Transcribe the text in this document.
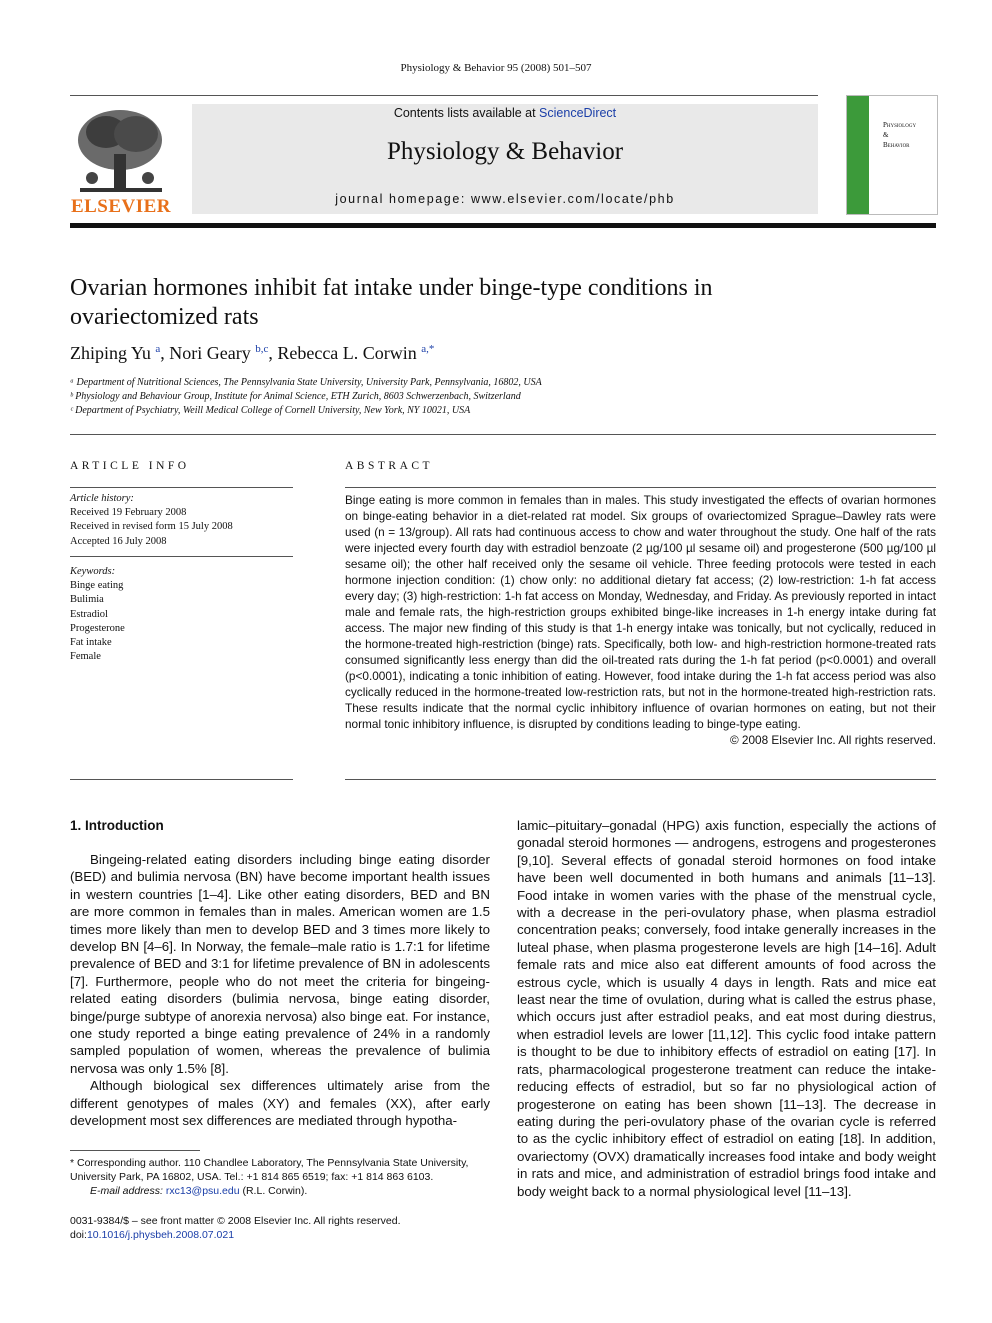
Physiology & Behavior 95 (2008) 501–507
ELSEVIER
Contents lists available at ScienceDirect
Physiology & Behavior
journal homepage: www.elsevier.com/locate/phb
Physiology
&
Behavior
Ovarian hormones inhibit fat intake under binge-type conditions in ovariectomized rats
Zhiping Yu $^a$, Nori Geary $^{b,c}$, Rebecca L. Corwin $^{a,*}$
ᵃ Department of Nutritional Sciences, The Pennsylvania State University, University Park, Pennsylvania, 16802, USA
ᵇ Physiology and Behaviour Group, Institute for Animal Science, ETH Zurich, 8603 Schwerzenbach, Switzerland
ᶜ Department of Psychiatry, Weill Medical College of Cornell University, New York, NY 10021, USA
ARTICLE INFO
Article history:
Received 19 February 2008
Received in revised form 15 July 2008
Accepted 16 July 2008
Keywords:
Binge eating
Bulimia
Estradiol
Progesterone
Fat intake
Female
ABSTRACT

Binge eating is more common in females than in males. This study investigated the effects of ovarian hormones on binge-eating behavior in a diet-related rat model. Six groups of ovariectomized Sprague–Dawley rats were used (n = 13/group). All rats had continuous access to chow and water throughout the study. One half of the rats were injected every fourth day with estradiol benzoate (2 µg/100 µl sesame oil) and progesterone (500 µg/100 µl sesame oil); the other half received only the sesame oil vehicle. Three feeding protocols were tested in each hormone injection condition: (1) chow only: no additional dietary fat access; (2) low-restriction: 1-h fat access every day; (3) high-restriction: 1-h fat access on Monday, Wednesday, and Friday. As previously reported in intact male and female rats, the high-restriction groups exhibited binge-like increases in 1-h energy intake during fat access. The major new finding of this study is that 1-h energy intake was tonically, but not cyclically, reduced in the hormone-treated high-restriction (binge) rats. Specifically, both low- and high-restriction hormone-treated rats consumed significantly less energy than did the oil-treated rats during the 1-h fat period (p<0.0001) and overall (p<0.0001), indicating a tonic inhibition of eating. However, food intake during the 1-h fat access period was also cyclically reduced in the hormone-treated low-restriction rats, but not in the hormone-treated high-restriction rats. These results indicate that the normal cyclic inhibitory influence of ovarian hormones on eating, but not their normal tonic inhibitory influence, is disrupted by conditions leading to binge-type eating.

© 2008 Elsevier Inc. All rights reserved.

1. Introduction

Bingeing-related eating disorders including binge eating disorder (BED) and bulimia nervosa (BN) have become important health issues in western countries [1–4]. Like other eating disorders, BED and BN are more common in females than in males. American women are 1.5 times more likely than men to develop BED and 3 times more likely to develop BN [4–6]. In Norway, the female–male ratio is 1.7:1 for lifetime prevalence of BED and 3:1 for lifetime prevalence of BN in adolescents [7]. Furthermore, people who do not meet the criteria for bingeing-related eating disorders (bulimia nervosa, binge eating disorder, binge/purge subtype of anorexia nervosa) also binge eat. For instance, one study reported a binge eating prevalence of 24% in a randomly sampled population of women, whereas the prevalence of bulimia nervosa was only 1.5% [8].

Although biological sex differences ultimately arise from the different genotypes of males (XY) and females (XX), after early development most sex differences are mediated through hypotha-

* Corresponding author. 110 Chandlee Laboratory, The Pennsylvania State University, University Park, PA 16802, USA. Tel.: +1 814 865 6519; fax: +1 814 863 6103.
E-mail address: rxc13@psu.edu (R.L. Corwin).
0031-9384/$ – see front matter © 2008 Elsevier Inc. All rights reserved.
doi:10.1016/j.physbeh.2008.07.021

lamic–pituitary–gonadal (HPG) axis function, especially the actions of gonadal steroid hormones — androgens, estrogens and progesterones [9,10]. Several effects of gonadal steroid hormones on food intake have been well documented in both humans and animals [11–13]. Food intake in women varies with the phase of the menstrual cycle, with a decrease in the peri-ovulatory phase, when plasma estradiol concentration peaks; conversely, food intake generally increases in the luteal phase, when plasma progesterone levels are high [14–16]. Adult female rats and mice also eat different amounts of food across the estrous cycle, which is usually 4 days in length. Rats and mice eat least near the time of ovulation, during what is called the estrus phase, which occurs just after estradiol peaks, and eat most during diestrus, when estradiol levels are lower [11,12]. This cyclic food intake pattern is thought to be due to inhibitory effects of estradiol on eating [17]. In rats, pharmacological progesterone treatment can reduce the intake-reducing effects of estradiol, but so far no physiological action of progesterone on eating has been shown [11–13]. The decrease in eating during the peri-ovulatory phase of the ovarian cycle is referred to as the cyclic inhibitory effect of estradiol on eating [18]. In addition, ovariectomy (OVX) dramatically increases food intake and body weight in rats and mice, and administration of estradiol brings food intake and body weight back to a normal physiological level [11–13].
